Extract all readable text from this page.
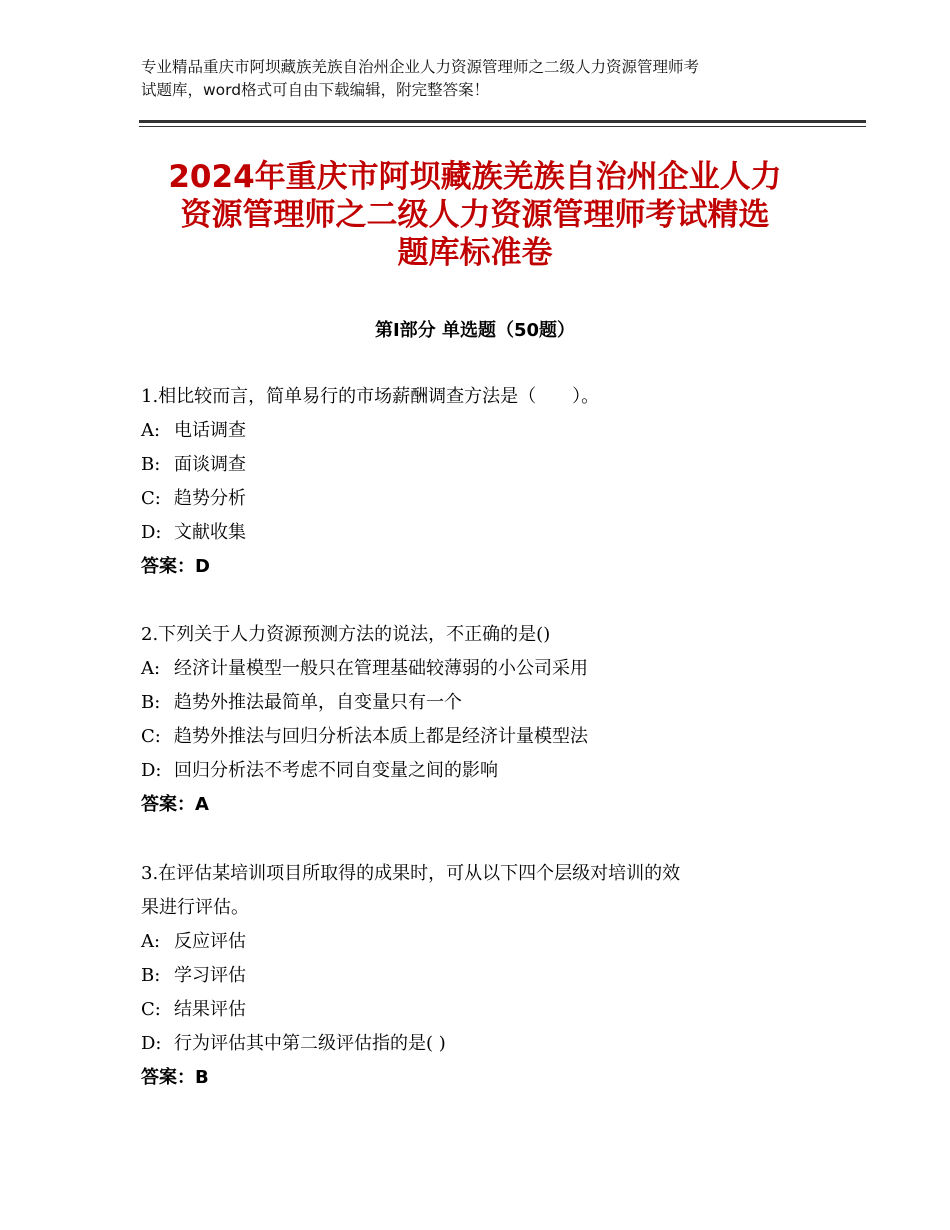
专业精品重庆市阿坝藏族羌族自治州企业人力资源管理师之二级人力资源管理师考
试题库，word格式可自由下载编辑，附完整答案！
2024年重庆市阿坝藏族羌族自治州企业人力
资源管理师之二级人力资源管理师考试精选
题库标准卷
第Ⅰ部分 单选题（50题）
1.相比较而言，简单易行的市场薪酬调查方法是（　　）。
A: 电话调查
B: 面谈调查
C: 趋势分析
D: 文献收集
答案：D
2.下列关于人力资源预测方法的说法，不正确的是()
A: 经济计量模型一般只在管理基础较薄弱的小公司采用
B: 趋势外推法最简单，自变量只有一个
C: 趋势外推法与回归分析法本质上都是经济计量模型法
D: 回归分析法不考虑不同自变量之间的影响
答案：A
3.在评估某培训项目所取得的成果时，可从以下四个层级对培训的效
果进行评估。
A: 反应评估
B: 学习评估
C: 结果评估
D: 行为评估其中第二级评估指的是( )
答案：B
